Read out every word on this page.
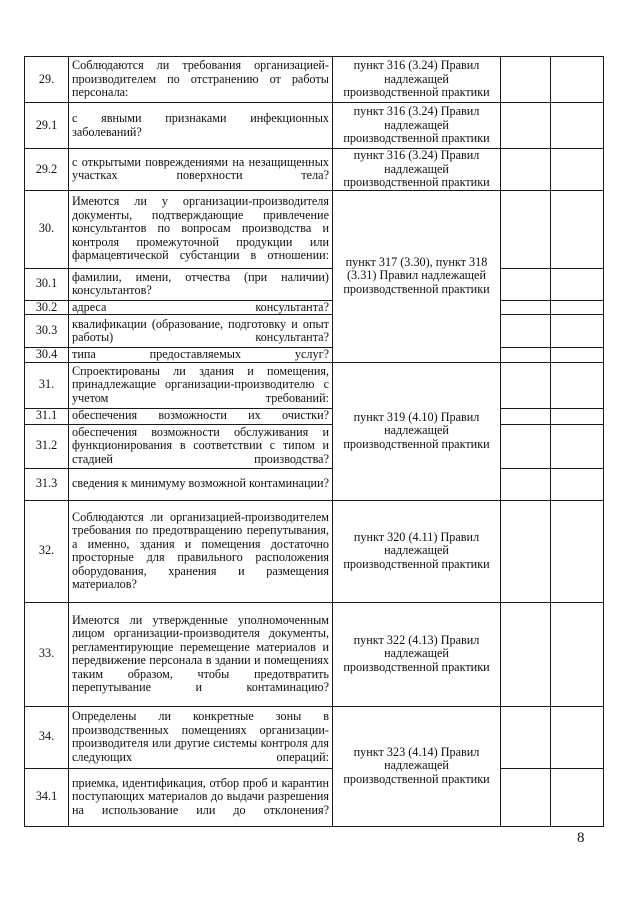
29.	Соблюдаются ли требования организацией-производителем по отстранению от работы персонала:	пункт 316 (3.24) Правил надлежащей производственной практики		
29.1	с явными признаками инфекционных заболеваний?	пункт 316 (3.24) Правил надлежащей производственной практики		
29.2	с открытыми повреждениями на незащищенных участках поверхности тела?	пункт 316 (3.24) Правил надлежащей производственной практики		
30.	Имеются ли у организации-производителя документы, подтверждающие привлечение консультантов по вопросам производства и контроля промежуточной продукции или фармацевтической субстанции в отношении:	пункт 317 (3.30), пункт 318 (3.31) Правил надлежащей производственной практики		
30.1	фамилии, имени, отчества (при наличии) консультантов?			
30.2	адреса консультанта?			
30.3	квалификации (образование, подготовку и опыт работы) консультанта?			
30.4	типа предоставляемых услуг?			
31.	Спроектированы ли здания и помещения, принадлежащие организации-производителю с учетом требований:	пункт 319 (4.10) Правил надлежащей производственной практики		
31.1	обеспечения возможности их очистки?			
31.2	обеспечения возможности обслуживания и функционирования в соответствии с типом и стадией производства?			
31.3	сведения к минимуму возможной контаминации?			
32.	Соблюдаются ли организацией-производителем требования по предотвращению перепутывания, а именно, здания и помещения достаточно просторные для правильного расположения оборудования, хранения и размещения материалов?	пункт 320 (4.11) Правил надлежащей производственной практики		
33.	Имеются ли утвержденные уполномоченным лицом организации-производителя документы, регламентирующие перемещение материалов и передвижение персонала в здании и помещениях таким образом, чтобы предотвратить перепутывание и контаминацию?	пункт 322 (4.13) Правил надлежащей производственной практики		
34.	Определены ли конкретные зоны в производственных помещениях организации-производителя или другие системы контроля для следующих операций:	пункт 323 (4.14) Правил надлежащей производственной практики		
34.1	приемка, идентификация, отбор проб и карантин поступающих материалов до выдачи разрешения на использование или до отклонения?			
8
